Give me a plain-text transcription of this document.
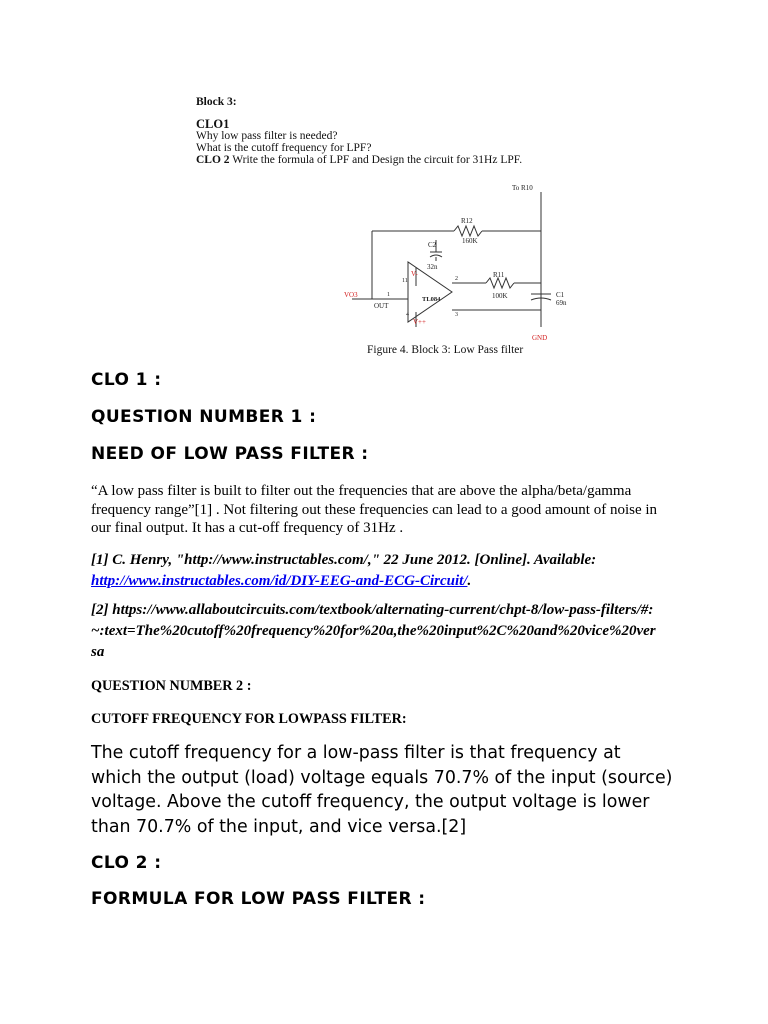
Block 3:
CLO1
Why low pass filter is needed?
What is the cutoff frequency for LPF?
CLO 2 Write the formula of LPF and Design the circuit for 31Hz LPF.
To R10
R12
160K
C2
32n
R11
100K	C1
69n
TL084
V-
V++
VO3
OUT
GND
1
2
3
4
11
Figure 4. Block 3: Low Pass filter
CLO 1 :
QUESTION NUMBER 1 :
NEED OF LOW PASS FILTER :
“A low pass filter is built to filter out the frequencies that are above the alpha/beta/gamma frequency range”[1] . Not filtering out these frequencies can lead to a good amount of noise in our final output. It has a cut-off frequency of 31Hz .
[1] C. Henry, "http://www.instructables.com/," 22 June 2012. [Online]. Available: http://www.instructables.com/id/DIY-EEG-and-ECG-Circuit/.
[2] https://www.allaboutcircuits.com/textbook/alternating-current/chpt-8/low-pass-filters/#:~:text=The%20cutoff%20frequency%20for%20a,the%20input%2C%20and%20vice%20versa
QUESTION NUMBER 2 :
CUTOFF FREQUENCY FOR LOWPASS FILTER:
The cutoff frequency for a low-pass filter is that frequency at which the output (load) voltage equals 70.7% of the input (source) voltage. Above the cutoff frequency, the output voltage is lower than 70.7% of the input, and vice versa.[2]
CLO 2 :
FORMULA FOR LOW PASS FILTER :
